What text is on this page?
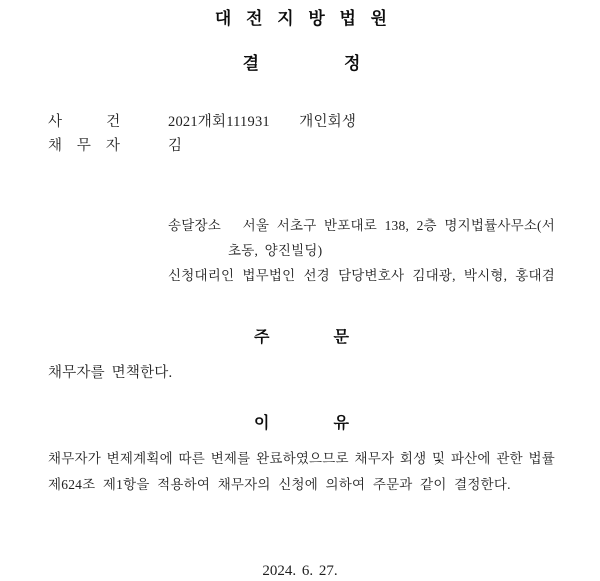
대 전 지 방 법 원
결　　　　　정
사　　　건	2021개회111931　　개인회생
채　무　자	김
송달장소　서울 서초구 반포대로 138, 2층 명지법률사무소(서
초동, 양진빌딩)
신청대리인 법무법인 선경 담당변호사 김대광, 박시형, 홍대겸
주　　　　문

채무자를 면책한다.

이　　　　유
채무자가 변제계획에 따른 변제를 완료하였으므로 채무자 회생 및 파산에 관한 법률
제624조 제1항을 적용하여 채무자의 신청에 의하여 주문과 같이 결정한다.
2024. 6. 27.
